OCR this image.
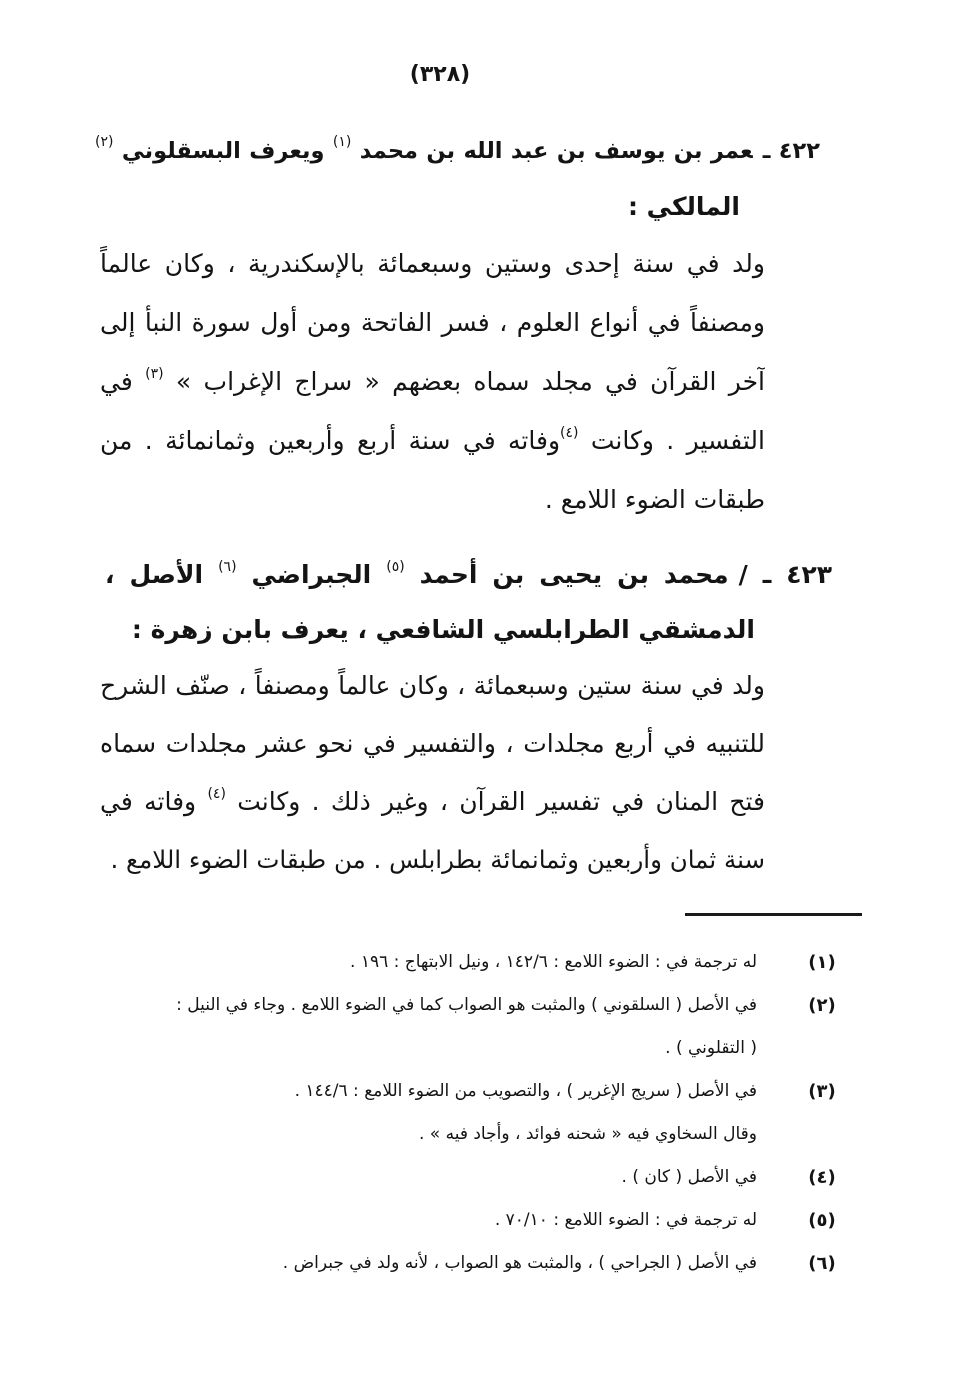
(٣٢٨)
٤٢٢ ـعمر بن يوسف بن عبد الله بن محمد $^{(١)}$ ويعرف البسقلوني $^{(٢)}$
المالكي :
ولد في سنة إحدى وستين وسبعمائة بالإسكندرية ، وكان عالماً
ومصنفاً في أنواع العلوم ، فسر الفاتحة ومن أول سورة النبأ إلى
آخر القرآن في مجلد سماه بعضهم « سراج الإغراب » $^{(٣)}$ في
التفسير . وكانت $^{(٤)}$وفاته في سنة أربع وأربعين وثمانمائة . من
طبقات الضوء اللامع .
٤٢٣ ـ /محمد بن يحيى بن أحمد $^{(٥)}$ الجبراضي $^{(٦)}$ الأصل ،
الدمشقي الطرابلسي الشافعي ، يعرف بابن زهرة :
ولد في سنة ستين وسبعمائة ، وكان عالماً ومصنفاً ، صنّف الشرح
للتنبيه في أربع مجلدات ، والتفسير في نحو عشر مجلدات سماه
فتح المنان في تفسير القرآن ، وغير ذلك . وكانت $^{(٤)}$ وفاته في
سنة ثمان وأربعين وثمانمائة بطرابلس . من طبقات الضوء اللامع .
(١)
له ترجمة في : الضوء اللامع : ١٤٢/٦ ، ونيل الابتهاج : ١٩٦ .
(٢)
في الأصل ( السلقوني ) والمثبت هو الصواب كما في الضوء اللامع . وجاء في النيل :
( التقلوني ) .
(٣)
في الأصل ( سريج الإغرير ) ، والتصويب من الضوء اللامع : ١٤٤/٦ .
وقال السخاوي فيه « شحنه فوائد ، وأجاد فيه » .
(٤)
في الأصل ( كان ) .
(٥)
له ترجمة في : الضوء اللامع : ٧٠/١٠ .
(٦)
في الأصل ( الجراحي ) ، والمثبت هو الصواب ، لأنه ولد في جبراض .
